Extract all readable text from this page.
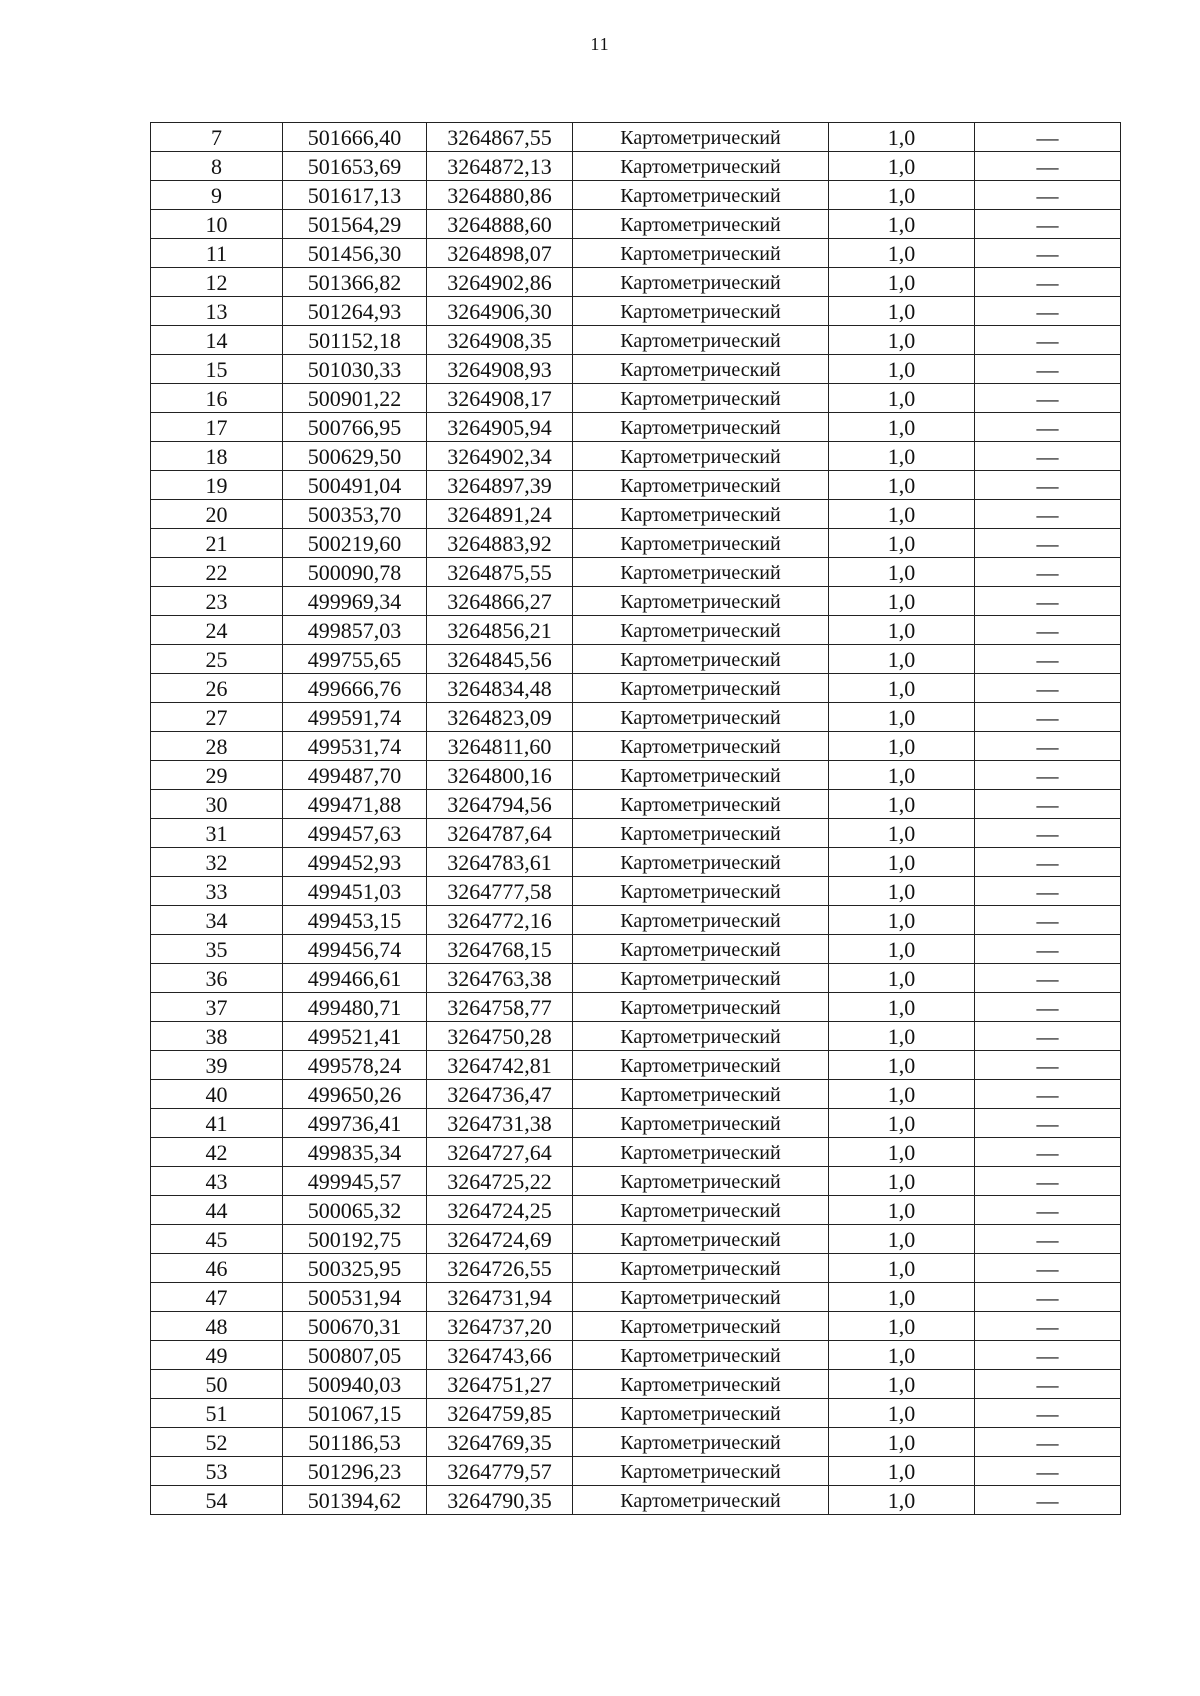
11
7	501666,40	3264867,55	Картометрический	1,0	—
8	501653,69	3264872,13	Картометрический	1,0	—
9	501617,13	3264880,86	Картометрический	1,0	—
10	501564,29	3264888,60	Картометрический	1,0	—
11	501456,30	3264898,07	Картометрический	1,0	—
12	501366,82	3264902,86	Картометрический	1,0	—
13	501264,93	3264906,30	Картометрический	1,0	—
14	501152,18	3264908,35	Картометрический	1,0	—
15	501030,33	3264908,93	Картометрический	1,0	—
16	500901,22	3264908,17	Картометрический	1,0	—
17	500766,95	3264905,94	Картометрический	1,0	—
18	500629,50	3264902,34	Картометрический	1,0	—
19	500491,04	3264897,39	Картометрический	1,0	—
20	500353,70	3264891,24	Картометрический	1,0	—
21	500219,60	3264883,92	Картометрический	1,0	—
22	500090,78	3264875,55	Картометрический	1,0	—
23	499969,34	3264866,27	Картометрический	1,0	—
24	499857,03	3264856,21	Картометрический	1,0	—
25	499755,65	3264845,56	Картометрический	1,0	—
26	499666,76	3264834,48	Картометрический	1,0	—
27	499591,74	3264823,09	Картометрический	1,0	—
28	499531,74	3264811,60	Картометрический	1,0	—
29	499487,70	3264800,16	Картометрический	1,0	—
30	499471,88	3264794,56	Картометрический	1,0	—
31	499457,63	3264787,64	Картометрический	1,0	—
32	499452,93	3264783,61	Картометрический	1,0	—
33	499451,03	3264777,58	Картометрический	1,0	—
34	499453,15	3264772,16	Картометрический	1,0	—
35	499456,74	3264768,15	Картометрический	1,0	—
36	499466,61	3264763,38	Картометрический	1,0	—
37	499480,71	3264758,77	Картометрический	1,0	—
38	499521,41	3264750,28	Картометрический	1,0	—
39	499578,24	3264742,81	Картометрический	1,0	—
40	499650,26	3264736,47	Картометрический	1,0	—
41	499736,41	3264731,38	Картометрический	1,0	—
42	499835,34	3264727,64	Картометрический	1,0	—
43	499945,57	3264725,22	Картометрический	1,0	—
44	500065,32	3264724,25	Картометрический	1,0	—
45	500192,75	3264724,69	Картометрический	1,0	—
46	500325,95	3264726,55	Картометрический	1,0	—
47	500531,94	3264731,94	Картометрический	1,0	—
48	500670,31	3264737,20	Картометрический	1,0	—
49	500807,05	3264743,66	Картометрический	1,0	—
50	500940,03	3264751,27	Картометрический	1,0	—
51	501067,15	3264759,85	Картометрический	1,0	—
52	501186,53	3264769,35	Картометрический	1,0	—
53	501296,23	3264779,57	Картометрический	1,0	—
54	501394,62	3264790,35	Картометрический	1,0	—
